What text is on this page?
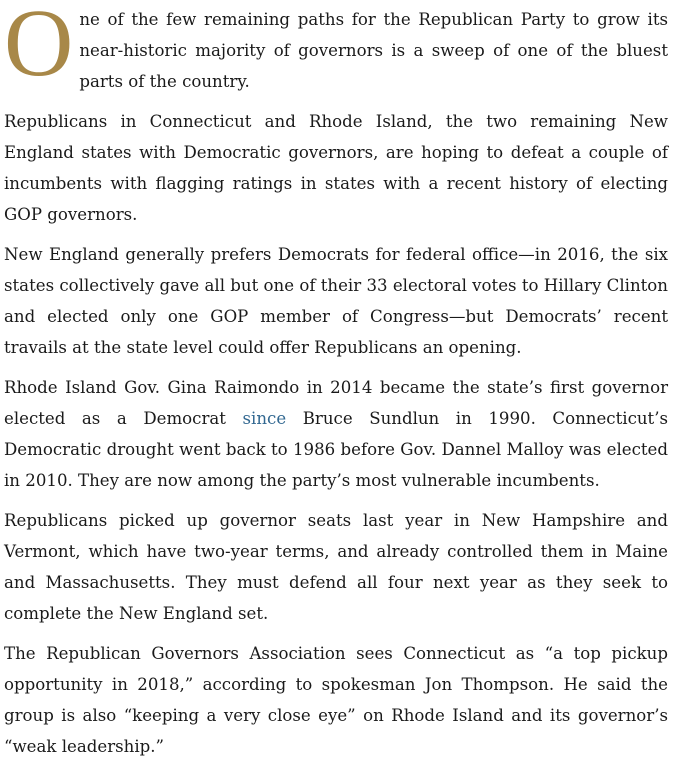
One of the few remaining paths for the Republican Party to grow its near-historic majority of governors is a sweep of one of the bluest parts of the country.

Republicans in Connecticut and Rhode Island, the two remaining New England states with Democratic governors, are hoping to defeat a couple of incumbents with flagging ratings in states with a recent history of electing GOP governors.

New England generally prefers Democrats for federal office—in 2016, the six states collectively gave all but one of their 33 electoral votes to Hillary Clinton and elected only one GOP member of Congress—but Democrats’ recent travails at the state level could offer Republicans an opening.

Rhode Island Gov. Gina Raimondo in 2014 became the state’s first governor elected as a Democrat since Bruce Sundlun in 1990. Connecticut’s Democratic drought went back to 1986 before Gov. Dannel Malloy was elected in 2010. They are now among the party’s most vulnerable incumbents.

Republicans picked up governor seats last year in New Hampshire and Vermont, which have two-year terms, and already controlled them in Maine and Massachusetts. They must defend all four next year as they seek to complete the New England set.

The Republican Governors Association sees Connecticut as “a top pickup opportunity in 2018,” according to spokesman Jon Thompson. He said the group is also “keeping a very close eye” on Rhode Island and its governor’s “weak leadership.”
